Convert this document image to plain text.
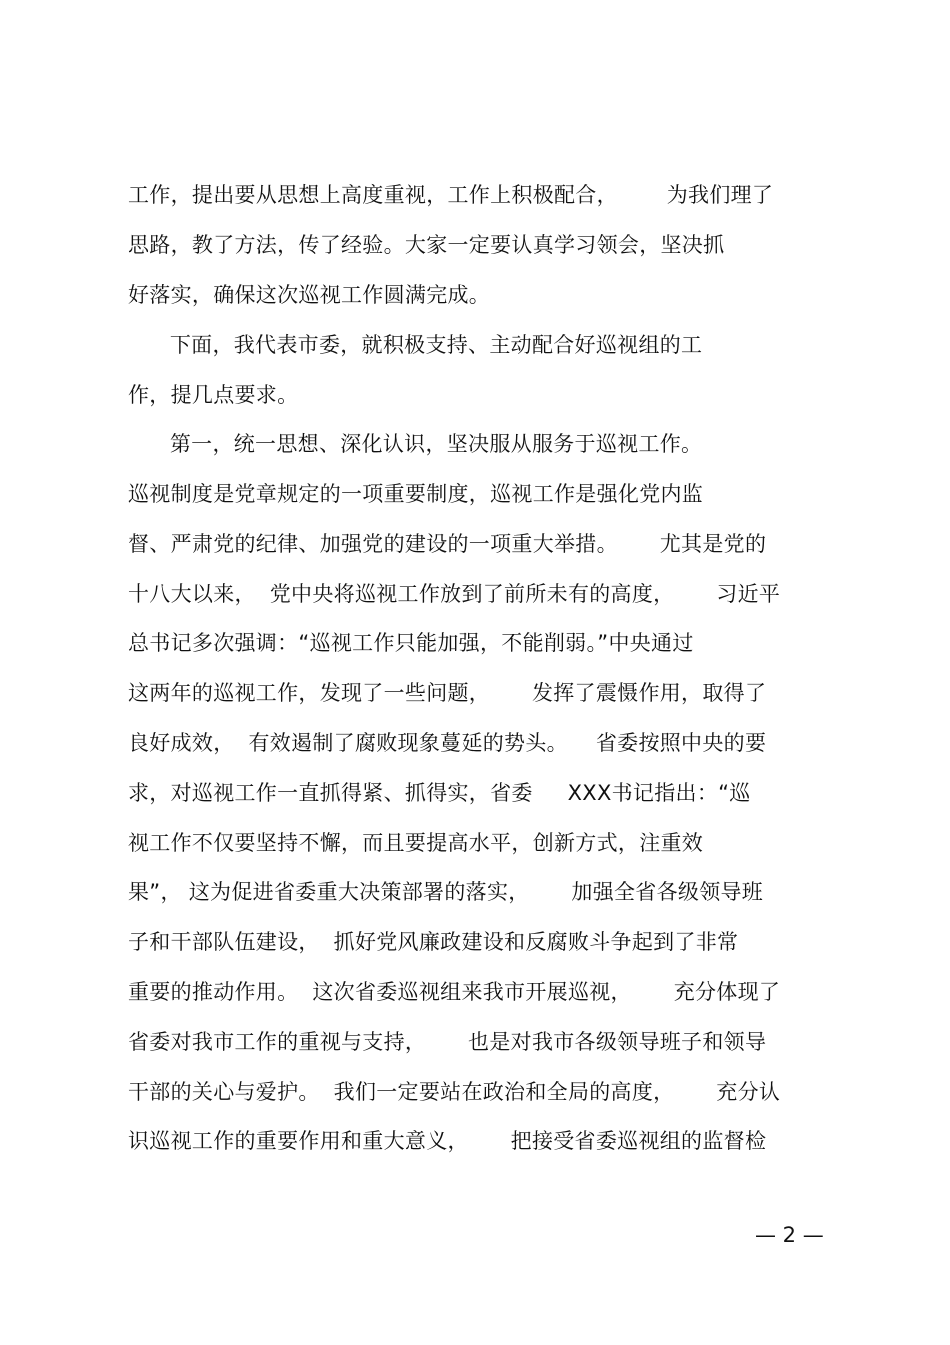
工作，提出要从思想上高度重视，工作上积极配合，       为我们理了
思路，教了方法，传了经验。大家一定要认真学习领会，坚决抓
好落实，确保这次巡视工作圆满完成。
下面，我代表市委，就积极支持、主动配合好巡视组的工
作，提几点要求。
第一，统一思想、深化认识，坚决服从服务于巡视工作。
巡视制度是党章规定的一项重要制度，巡视工作是强化党内监
督、严肃党的纪律、加强党的建设的一项重大举措。      尤其是党的
十八大以来，  党中央将巡视工作放到了前所未有的高度，      习近平
总书记多次强调：“巡视工作只能加强，不能削弱。”中央通过
这两年的巡视工作，发现了一些问题，      发挥了震慑作用，取得了
良好成效，  有效遏制了腐败现象蔓延的势头。    省委按照中央的要
求，对巡视工作一直抓得紧、抓得实，省委     XXX书记指出：“巡
视工作不仅要坚持不懈，而且要提高水平，创新方式，注重效
果”， 这为促进省委重大决策部署的落实，      加强全省各级领导班
子和干部队伍建设，  抓好党风廉政建设和反腐败斗争起到了非常
重要的推动作用。  这次省委巡视组来我市开展巡视，      充分体现了
省委对我市工作的重视与支持，      也是对我市各级领导班子和领导
干部的关心与爱护。  我们一定要站在政治和全局的高度，      充分认
识巡视工作的重要作用和重大意义，      把接受省委巡视组的监督检
— 2 —
